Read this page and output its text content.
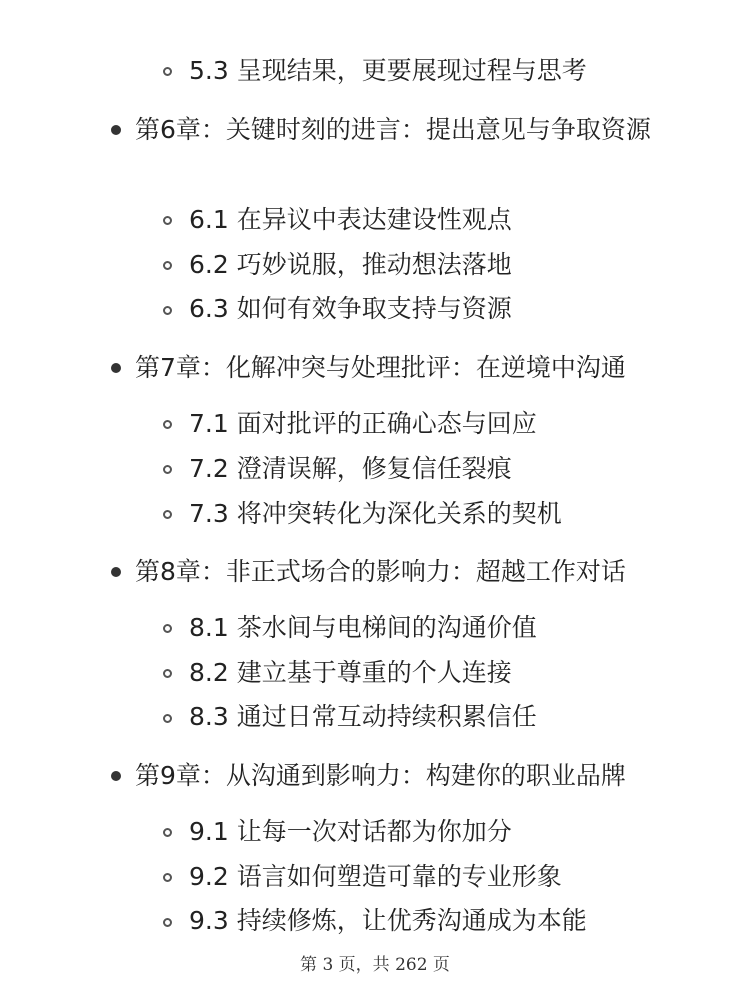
5.3 呈现结果，更要展现过程与思考
第6章：关键时刻的进言：提出意见与争取资源
6.1 在异议中表达建设性观点
6.2 巧妙说服，推动想法落地
6.3 如何有效争取支持与资源
第7章：化解冲突与处理批评：在逆境中沟通
7.1 面对批评的正确心态与回应
7.2 澄清误解，修复信任裂痕
7.3 将冲突转化为深化关系的契机
第8章：非正式场合的影响力：超越工作对话
8.1 茶水间与电梯间的沟通价值
8.2 建立基于尊重的个人连接
8.3 通过日常互动持续积累信任
第9章：从沟通到影响力：构建你的职业品牌
9.1 让每一次对话都为你加分
9.2 语言如何塑造可靠的专业形象
9.3 持续修炼，让优秀沟通成为本能
第 3 页，共 262 页
